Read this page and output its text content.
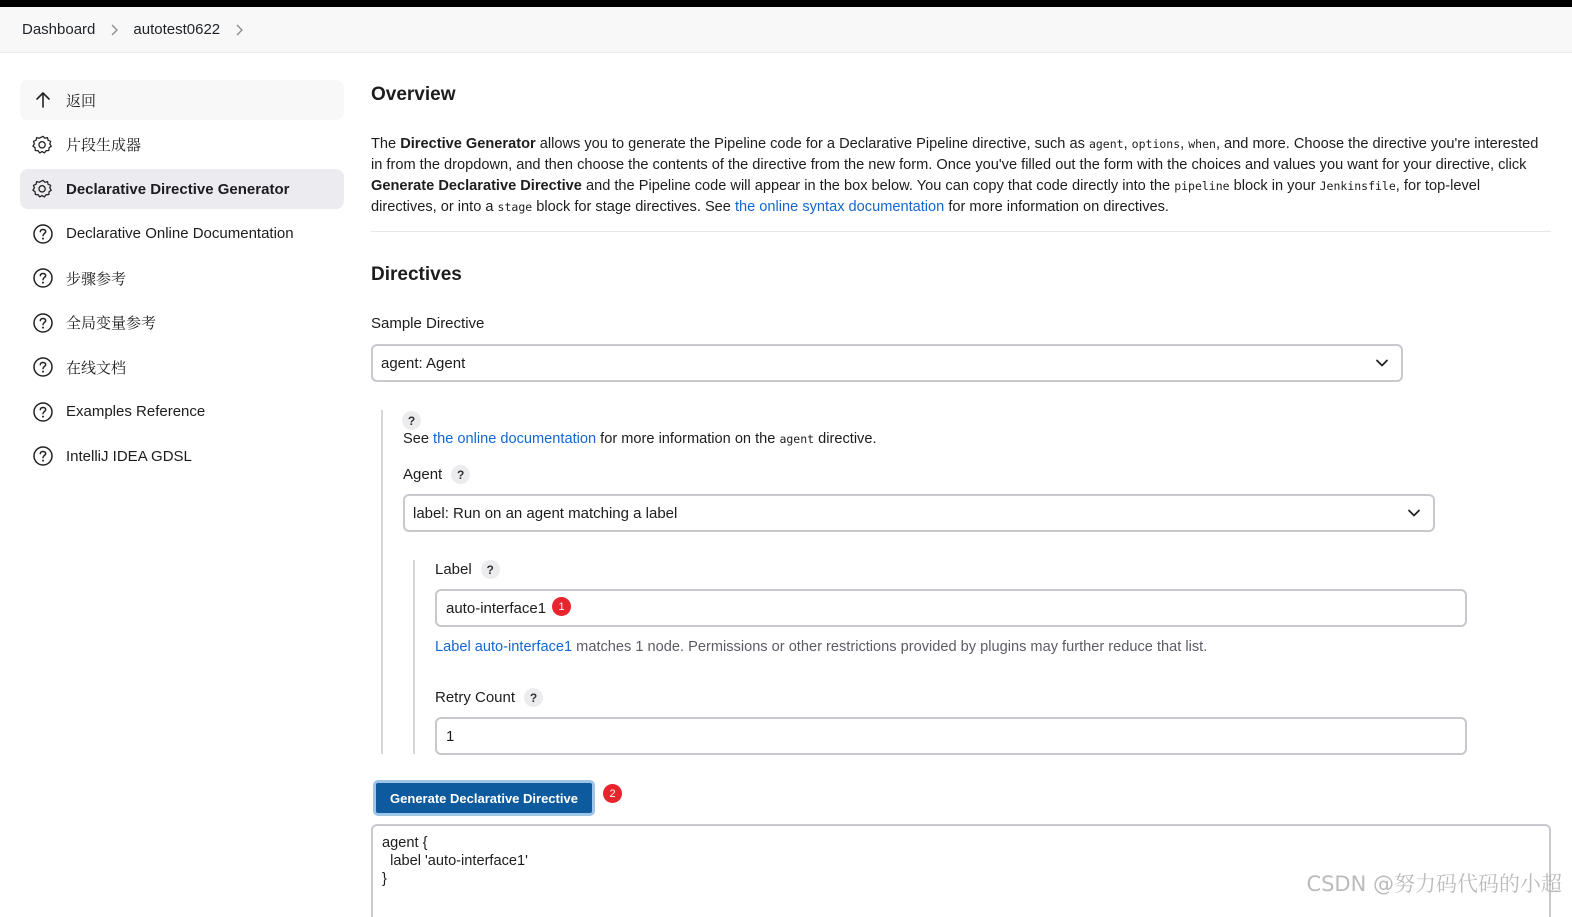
Dashboard	autotest0622
返回
片段生成器
Declarative Directive Generator
Declarative Online Documentation
步骤参考
全局变量参考
在线文档
Examples Reference
IntelliJ IDEA GDSL
Overview

The Directive Generator allows you to generate the Pipeline code for a Declarative Pipeline directive, such as agent, options, when, and more. Choose the directive you're interested in from the dropdown, and then choose the contents of the directive from the new form. Once you've filled out the form with the choices and values you want for your directive, click Generate Declarative Directive and the Pipeline code will appear in the box below. You can copy that code directly into the pipeline block in your Jenkinsfile, for top-level directives, or into a stage block for stage directives. See the online syntax documentation for more information on directives.

Directives
Sample Directive
agent: Agent
?
See the online documentation for more information on the agent directive.
Agent	?
label: Run on an agent matching a label
Label	?
auto-interface1	1
Label auto-interface1 matches 1 node. Permissions or other restrictions provided by plugins may further reduce that list.
Retry Count	?
1
Generate Declarative Directive	2
agent {
label 'auto-interface1'
}	CSDN @努力码代码的小超
